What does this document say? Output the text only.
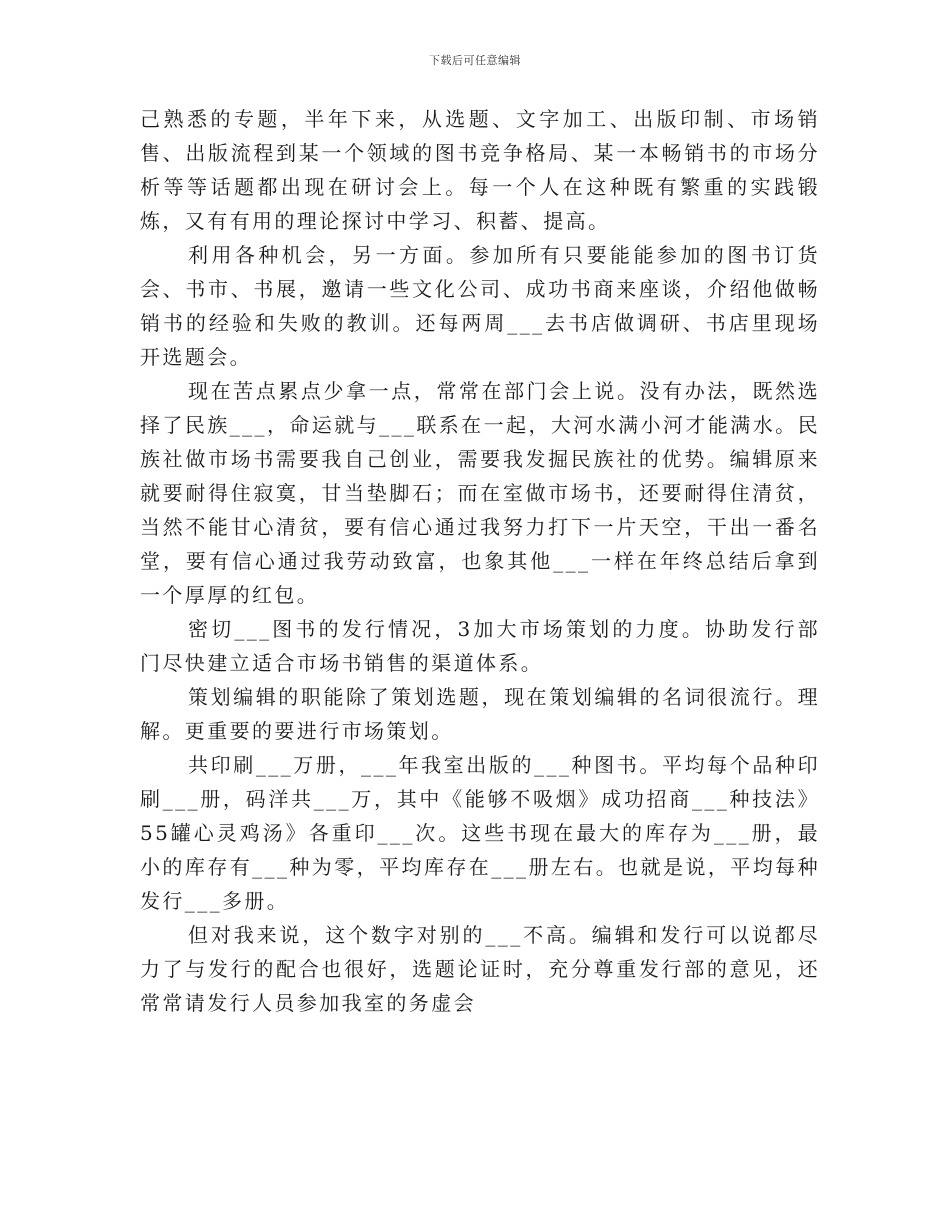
下载后可任意编辑

己熟悉的专题，半年下来，从选题、文字加工、出版印制、市场销售、出版流程到某一个领域的图书竞争格局、某一本畅销书的市场分析等等话题都出现在研讨会上。每一个人在这种既有繁重的实践锻炼，又有有用的理论探讨中学习、积蓄、提高。

利用各种机会，另一方面。参加所有只要能能参加的图书订货会、书市、书展，邀请一些文化公司、成功书商来座谈，介绍他做畅销书的经验和失败的教训。还每两周___去书店做调研、书店里现场开选题会。

现在苦点累点少拿一点，常常在部门会上说。没有办法，既然选择了民族___，命运就与___联系在一起，大河水满小河才能满水。民族社做市场书需要我自己创业，需要我发掘民族社的优势。编辑原来就要耐得住寂寞，甘当垫脚石；而在室做市场书，还要耐得住清贫，当然不能甘心清贫，要有信心通过我努力打下一片天空，干出一番名堂，要有信心通过我劳动致富，也象其他___一样在年终总结后拿到一个厚厚的红包。

密切___图书的发行情况，3加大市场策划的力度。协助发行部门尽快建立适合市场书销售的渠道体系。

策划编辑的职能除了策划选题，现在策划编辑的名词很流行。理解。更重要的要进行市场策划。

共印刷___万册，___年我室出版的___种图书。平均每个品种印刷___册，码洋共___万，其中《能够不吸烟》成功招商___种技法》55罐心灵鸡汤》各重印___次。这些书现在最大的库存为___册，最小的库存有___种为零，平均库存在___册左右。也就是说，平均每种发行___多册。

但对我来说，这个数字对别的___不高。编辑和发行可以说都尽力了与发行的配合也很好，选题论证时，充分尊重发行部的意见，还常常请发行人员参加我室的务虚会
